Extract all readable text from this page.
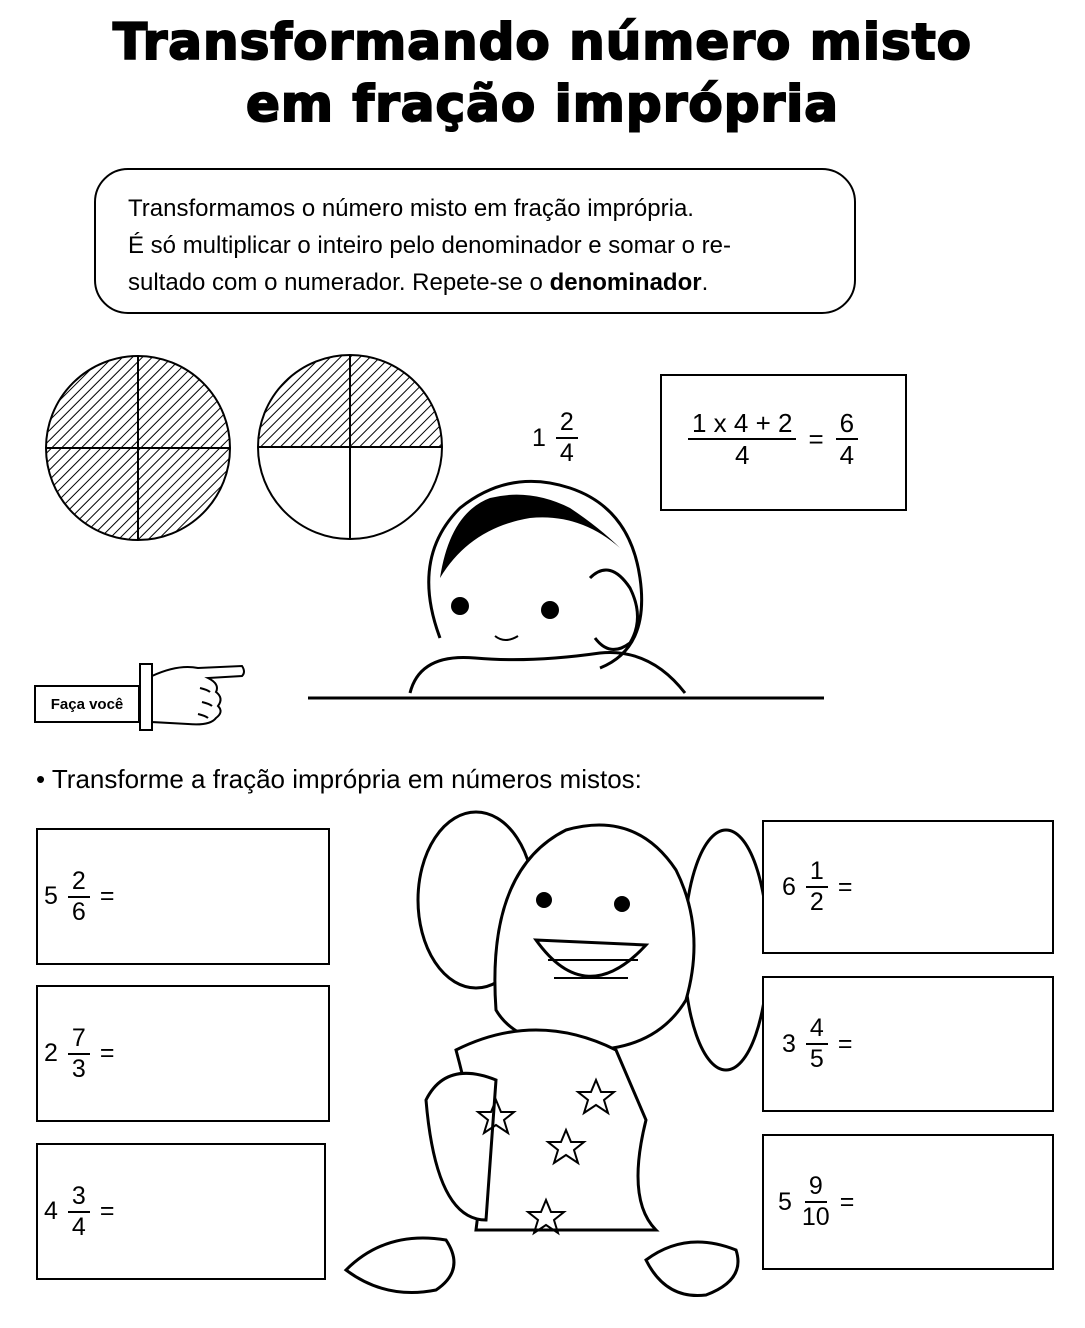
Transformando número misto
em fração imprópria

Transformamos o número misto em fração imprópria.

É só multiplicar o inteiro pelo denominador e somar o re-

sultado com o numerador. Repete-se o denominador.

$1 \frac{2}{4}$	$\frac{1 x 4 + 2}{4} = \frac{6}{4}$
Faça você
• Transforme a fração imprópria em números mistos:
$5 \frac{2}{6}$ =
$2 \frac{7}{3}$ =
$4 \frac{3}{4}$ =
$6 \frac{1}{2}$ =
$3 \frac{4}{5}$ =
$5 \frac{9}{10}$ =
